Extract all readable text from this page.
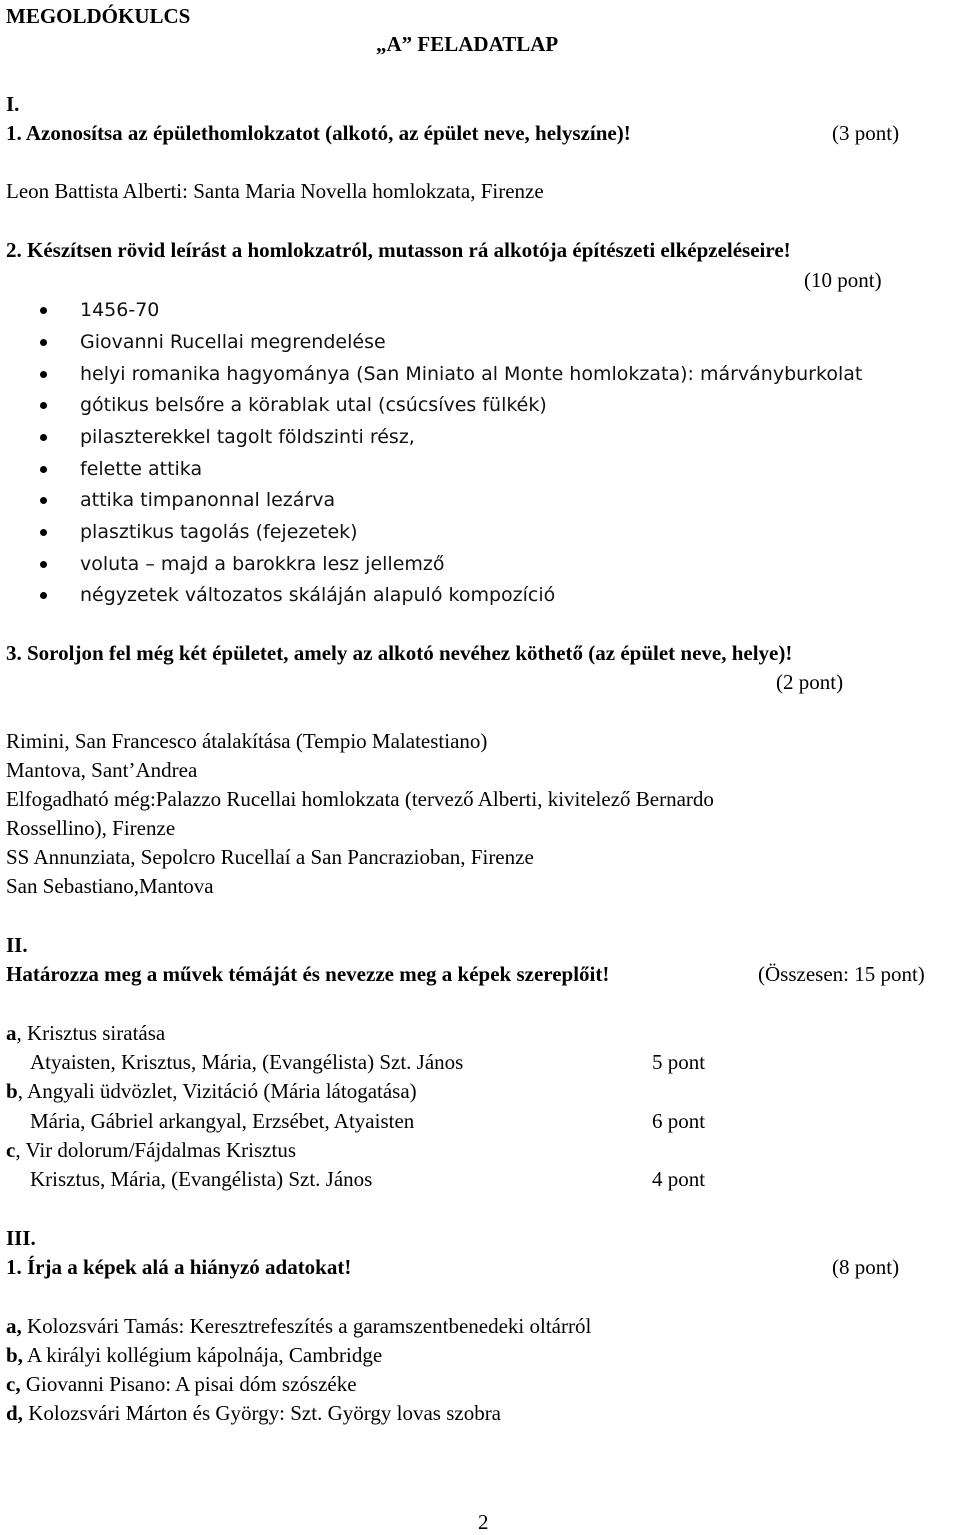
MEGOLDÓKULCS
„A” FELADATLAP
I.
1. Azonosítsa az épülethomlokzatot (alkotó, az épület neve, helyszíne)!	(3 pont)
Leon Battista Alberti: Santa Maria Novella homlokzata, Firenze
2. Készítsen rövid leírást a homlokzatról, mutasson rá alkotója építészeti elképzeléseire!
(10 pont)
1456-70
Giovanni Rucellai megrendelése
helyi romanika hagyománya (San Miniato al Monte homlokzata): márványburkolat
gótikus belsőre a körablak utal (csúcsíves fülkék)
pilaszterekkel tagolt földszinti rész,
felette attika
attika timpanonnal lezárva
plasztikus tagolás (fejezetek)
voluta – majd a barokkra lesz jellemző
négyzetek változatos skáláján alapuló kompozíció
3. Soroljon fel még két épületet, amely az alkotó nevéhez köthető (az épület neve, helye)!
(2 pont)
Rimini, San Francesco átalakítása (Tempio Malatestiano)
Mantova, Sant’Andrea
Elfogadható még:Palazzo Rucellai homlokzata (tervező Alberti, kivitelező Bernardo
Rossellino), Firenze
SS Annunziata, Sepolcro Rucellaí a San Pancrazioban, Firenze
San Sebastiano,Mantova
II.
Határozza meg a művek témáját és nevezze meg a képek szereplőit!	(Összesen: 15 pont)
a, Krisztus siratása
Atyaisten, Krisztus, Mária, (Evangélista) Szt. János	5 pont
b, Angyali üdvözlet, Vizitáció (Mária látogatása)
Mária, Gábriel arkangyal, Erzsébet, Atyaisten	6 pont
c, Vir dolorum/Fájdalmas Krisztus
Krisztus, Mária, (Evangélista) Szt. János	4 pont
III.
1. Írja a képek alá a hiányzó adatokat!	(8 pont)
a, Kolozsvári Tamás: Keresztrefeszítés a garamszentbenedeki oltárról
b, A királyi kollégium kápolnája, Cambridge
c, Giovanni Pisano: A pisai dóm szószéke
d, Kolozsvári Márton és György: Szt. György lovas szobra
2
